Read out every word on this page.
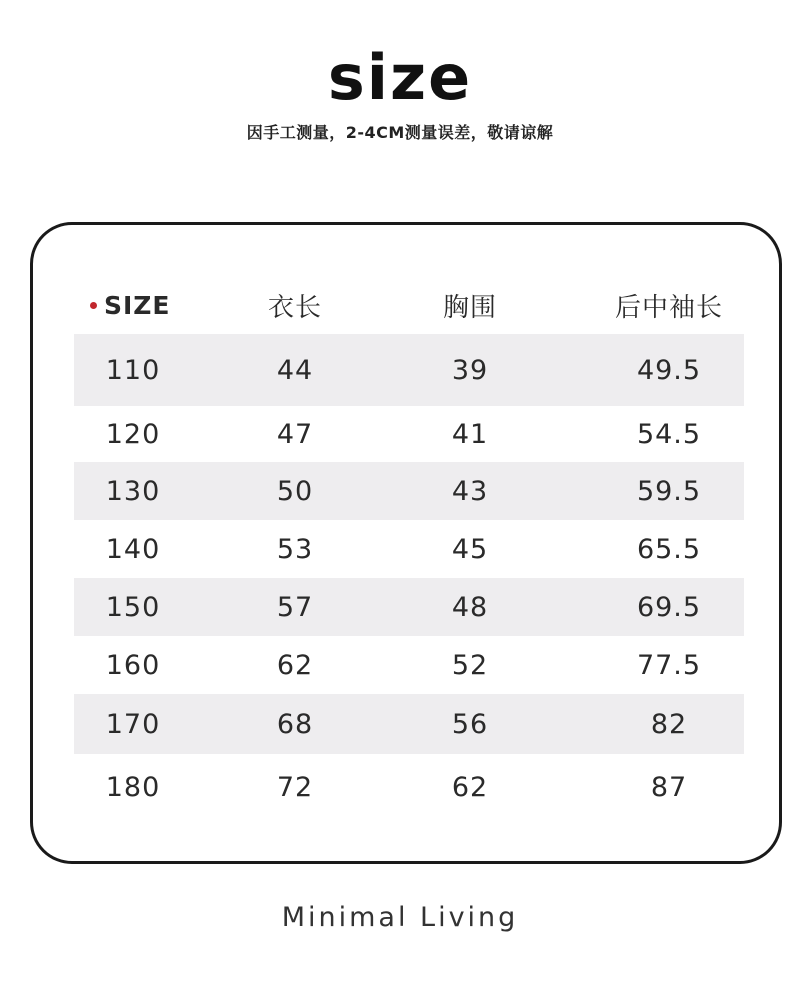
size
因手工测量，2-4CM测量误差，敬请谅解
SIZE	衣长	胸围	后中袖长
110	44	39	49.5
120	47	41	54.5
130	50	43	59.5
140	53	45	65.5
150	57	48	69.5
160	62	52	77.5
170	68	56	82
180	72	62	87
Minimal Living
